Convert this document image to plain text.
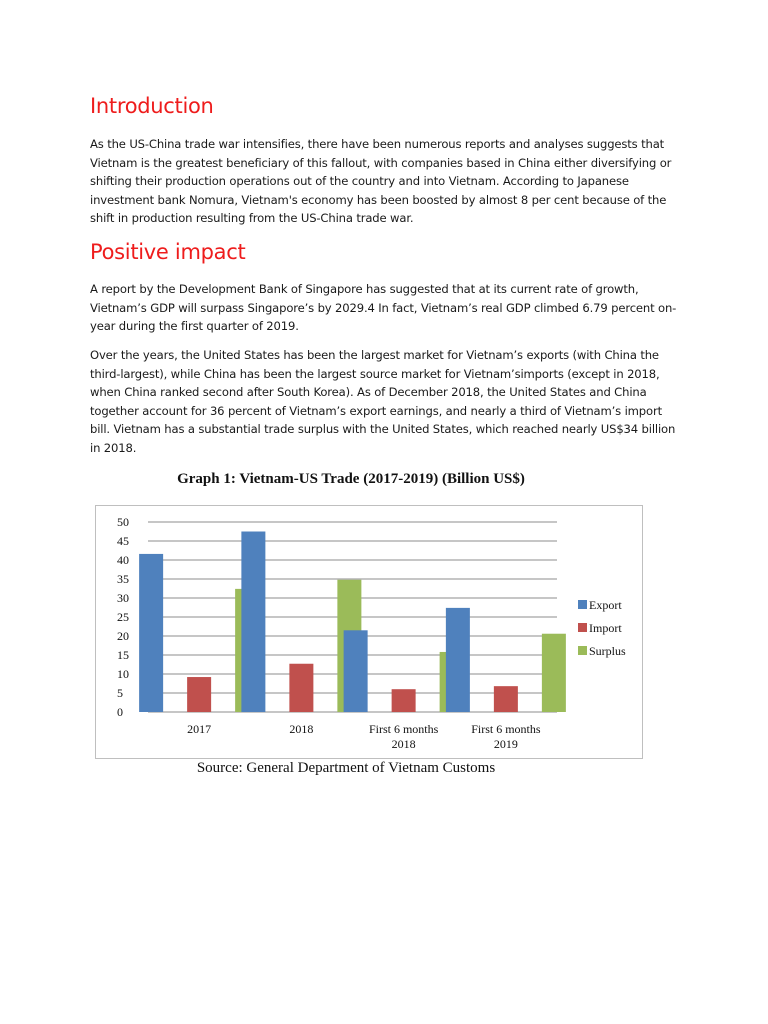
Introduction

As the US-China trade war intensifies, there have been numerous reports and analyses suggests that Vietnam is the greatest beneficiary of this fallout, with companies based in China either diversifying or shifting their production operations out of the country and into Vietnam. According to Japanese investment bank Nomura, Vietnam's economy has been boosted by almost 8 per cent because of the shift in production resulting from the US-China trade war.

Positive impact

A report by the Development Bank of Singapore has suggested that at its current rate of growth, Vietnam’s GDP will surpass Singapore’s by 2029.4 In fact, Vietnam’s real GDP climbed 6.79 percent on-year during the first quarter of 2019.

Over the years, the United States has been the largest market for Vietnam’s exports (with China the third-largest), while China has been the largest source market for Vietnam’simports (except in 2018, when China ranked second after South Korea). As of December 2018, the United States and China together account for 36 percent of Vietnam’s export earnings, and nearly a third of Vietnam’s import bill. Vietnam has a substantial trade surplus with the United States, which reached nearly US$34 billion in 2018.

Graph 1: Vietnam-US Trade (2017-2019) (Billion US$)
0
5
10
15
20
25
30
35
40
45
50
2017	2018	First 6 months 2018
First 6 months 2019
Export
Import
Surplus
Source: General Department of Vietnam Customs
